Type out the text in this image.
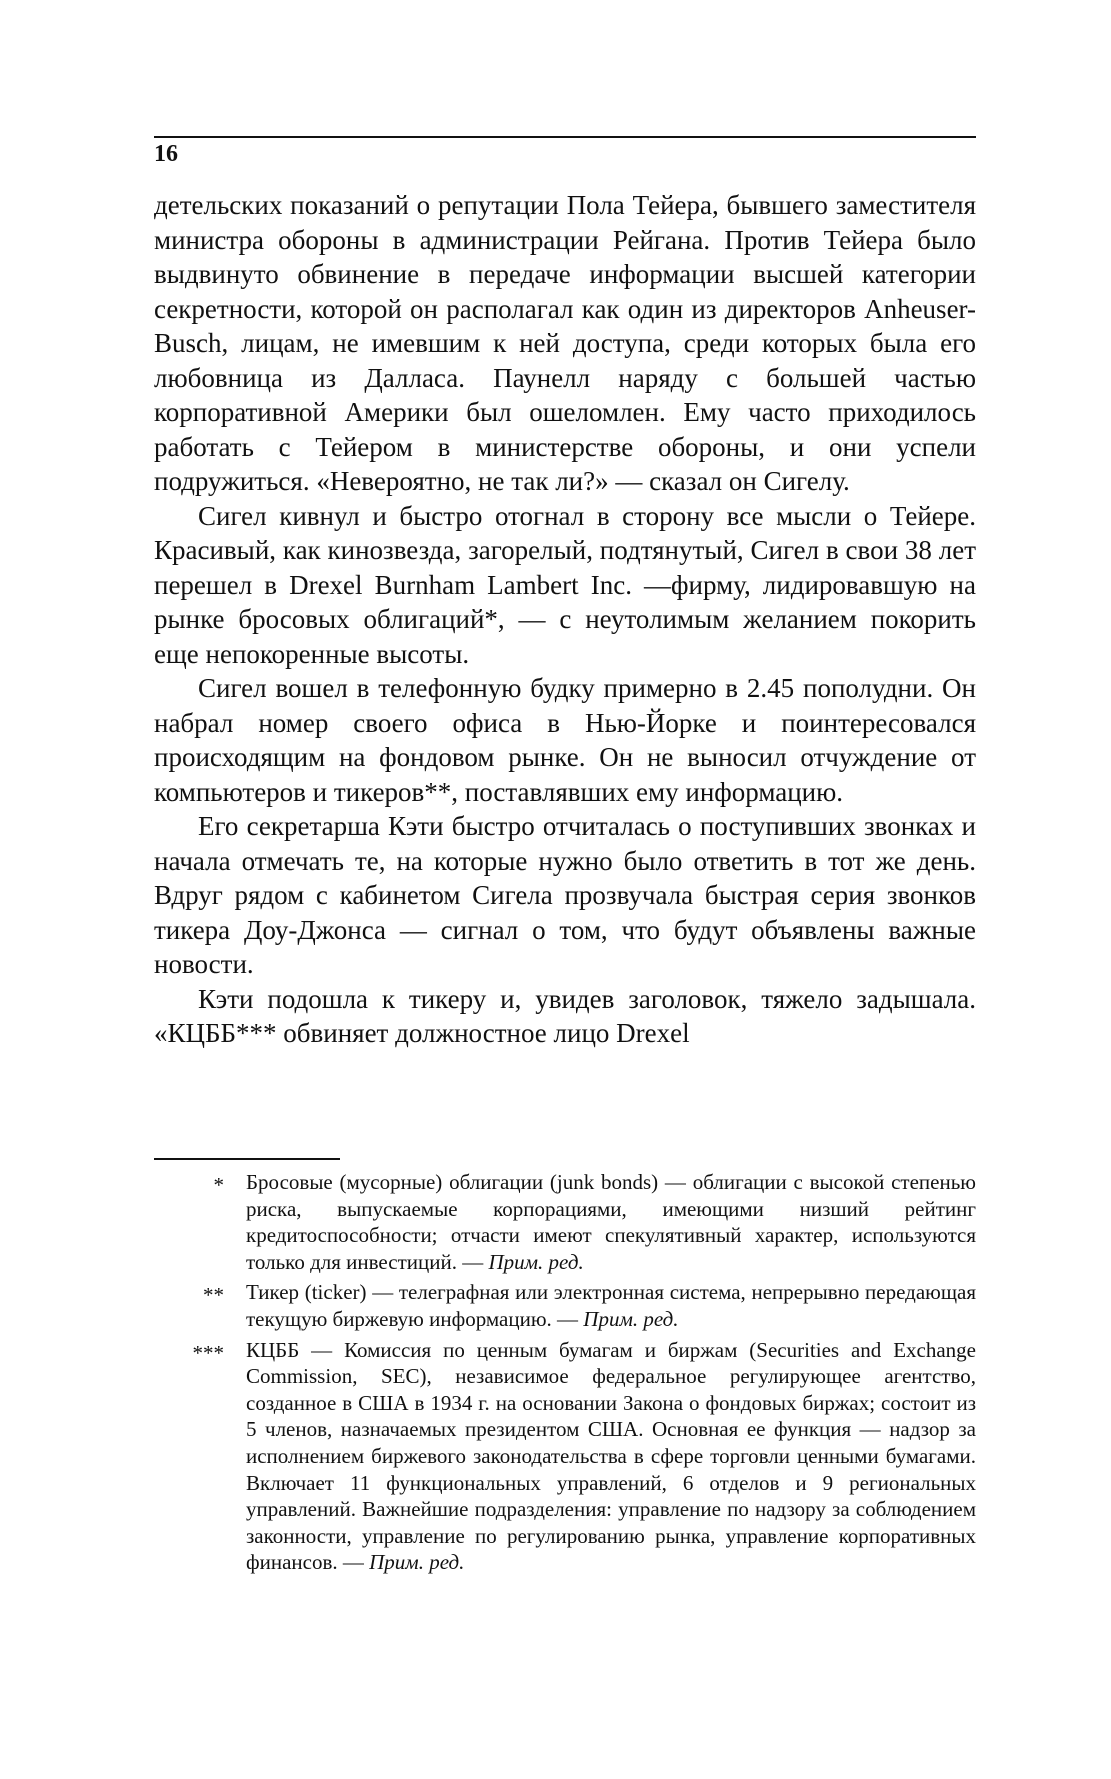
16

детельских показаний о репутации Пола Тейера, бывшего заместителя министра обороны в администрации Рейгана. Против Тейера было выдвинуто обвинение в передаче информации высшей категории секретности, которой он располагал как один из директоров Anheuser-Busch, лицам, не имевшим к ней доступа, среди которых была его любовница из Далласа. Паунелл наряду с большей частью корпоративной Америки был ошеломлен. Ему часто приходилось работать с Тейером в министерстве обороны, и они успели подружиться. «Невероятно, не так ли?» — сказал он Сигелу.

Сигел кивнул и быстро отогнал в сторону все мысли о Тейере. Красивый, как кинозвезда, загорелый, подтянутый, Сигел в свои 38 лет перешел в Drexel Burnham Lambert Inc. —фирму, лидировавшую на рынке бросовых облигаций*, — с неутолимым желанием покорить еще непокоренные высоты.

Сигел вошел в телефонную будку примерно в 2.45 пополудни. Он набрал номер своего офиса в Нью-Йорке и поинтересовался происходящим на фондовом рынке. Он не выносил отчуждение от компьютеров и тикеров**, поставлявших ему информацию.

Его секретарша Кэти быстро отчиталась о поступивших звонках и начала отмечать те, на которые нужно было ответить в тот же день. Вдруг рядом с кабинетом Сигела прозвучала быстрая серия звонков тикера Доу-Джонса — сигнал о том, что будут объявлены важные новости.

Кэти подошла к тикеру и, увидев заголовок, тяжело задышала. «КЦББ*** обвиняет должностное лицо Drexel

*	Бросовые (мусорные) облигации (junk bonds) — облигации с высокой степенью риска, выпускаемые корпорациями, имеющими низший рейтинг кредитоспособности; отчасти имеют спекулятивный характер, используются только для инвестиций. — Прим. ред.
**	Тикер (ticker) — телеграфная или электронная система, непрерывно передающая текущую биржевую информацию. — Прим. ред.
***	КЦББ — Комиссия по ценным бумагам и биржам (Securities and Exchange Commission, SEC), независимое федеральное регулирующее агентство, созданное в США в 1934 г. на основании Закона о фондовых биржах; состоит из 5 членов, назначаемых президентом США. Основная ее функция — надзор за исполнением биржевого законодательства в сфере торговли ценными бумагами. Включает 11 функциональных управлений, 6 отделов и 9 региональных управлений. Важнейшие подразделения: управление по надзору за соблюдением законности, управление по регулированию рынка, управление корпоративных финансов. — Прим. ред.
